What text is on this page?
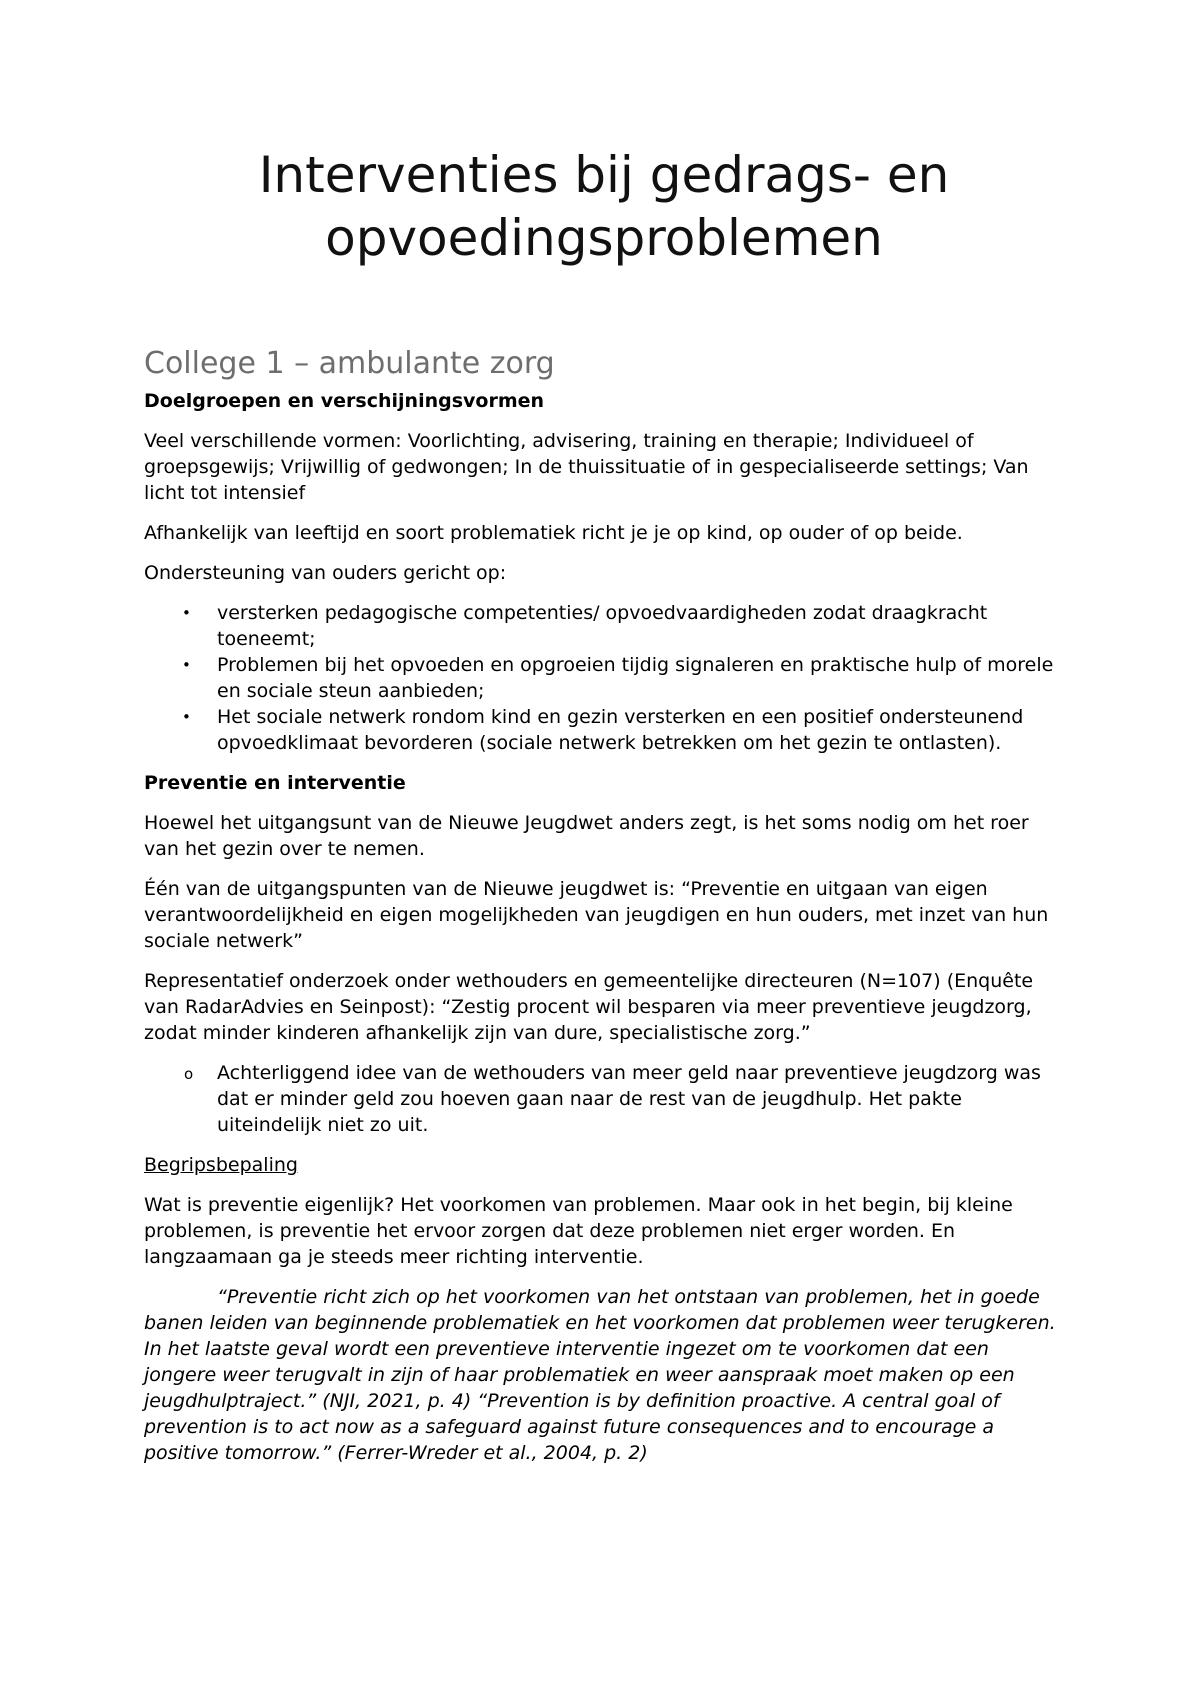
Interventies bij gedrags- en
opvoedingsproblemen
College 1 – ambulante zorg
Doelgroepen en verschijningsvormen

Veel verschillende vormen: Voorlichting, advisering, training en therapie; Individueel of groepsgewijs; Vrijwillig of gedwongen; In de thuissituatie of in gespecialiseerde settings; Van licht tot intensief

Afhankelijk van leeftijd en soort problematiek richt je je op kind, op ouder of op beide.

Ondersteuning van ouders gericht op:

• versterken pedagogische competenties/ opvoedvaardigheden zodat draagkracht toeneemt;
• Problemen bij het opvoeden en opgroeien tijdig signaleren en praktische hulp of morele en sociale steun aanbieden;
• Het sociale netwerk rondom kind en gezin versterken en een positief ondersteunend opvoedklimaat bevorderen (sociale netwerk betrekken om het gezin te ontlasten).
Preventie en interventie

Hoewel het uitgangsunt van de Nieuwe Jeugdwet anders zegt, is het soms nodig om het roer van het gezin over te nemen.

Één van de uitgangspunten van de Nieuwe jeugdwet is: “Preventie en uitgaan van eigen verantwoordelijkheid en eigen mogelijkheden van jeugdigen en hun ouders, met inzet van hun sociale netwerk”

Representatief onderzoek onder wethouders en gemeentelijke directeuren (N=107) (Enquête van RadarAdvies en Seinpost): “Zestig procent wil besparen via meer preventieve jeugdzorg, zodat minder kinderen afhankelijk zijn van dure, specialistische zorg.”

o Achterliggend idee van de wethouders van meer geld naar preventieve jeugdzorg was dat er minder geld zou hoeven gaan naar de rest van de jeugdhulp. Het pakte uiteindelijk niet zo uit.

Begripsbepaling

Wat is preventie eigenlijk? Het voorkomen van problemen. Maar ook in het begin, bij kleine problemen, is preventie het ervoor zorgen dat deze problemen niet erger worden. En langzaamaan ga je steeds meer richting interventie.

“Preventie richt zich op het voorkomen van het ontstaan van problemen, het in goede banen leiden van beginnende problematiek en het voorkomen dat problemen weer terugkeren. In het laatste geval wordt een preventieve interventie ingezet om te voorkomen dat een jongere weer terugvalt in zijn of haar problematiek en weer aanspraak moet maken op een jeugdhulptraject.” (NJI, 2021, p. 4) “Prevention is by definition proactive. A central goal of prevention is to act now as a safeguard against future consequences and to encourage a positive tomorrow.” (Ferrer-Wreder et al., 2004, p. 2)
